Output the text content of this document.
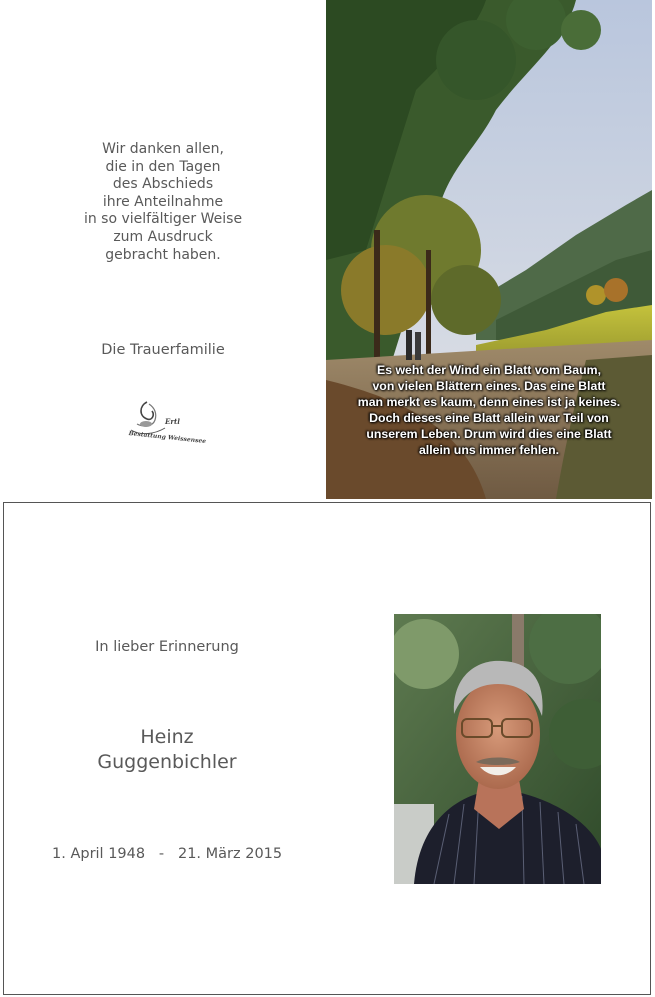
Wir danken allen,
die in den Tagen
des Abschieds
ihre Anteilnahme
in so vielfältiger Weise
zum Ausdruck
gebracht haben.
Die Trauerfamilie
Ertl
Bestattung Weissensee
Es weht der Wind ein Blatt vom Baum,
von vielen Blättern eines. Das eine Blatt
man merkt es kaum, denn eines ist ja keines.
Doch dieses eine Blatt allein war Teil von
unserem Leben. Drum wird dies eine Blatt
allein uns immer fehlen.
In lieber Erinnerung
Heinz
Guggenbichler
1. April 1948   -   21. März 2015
